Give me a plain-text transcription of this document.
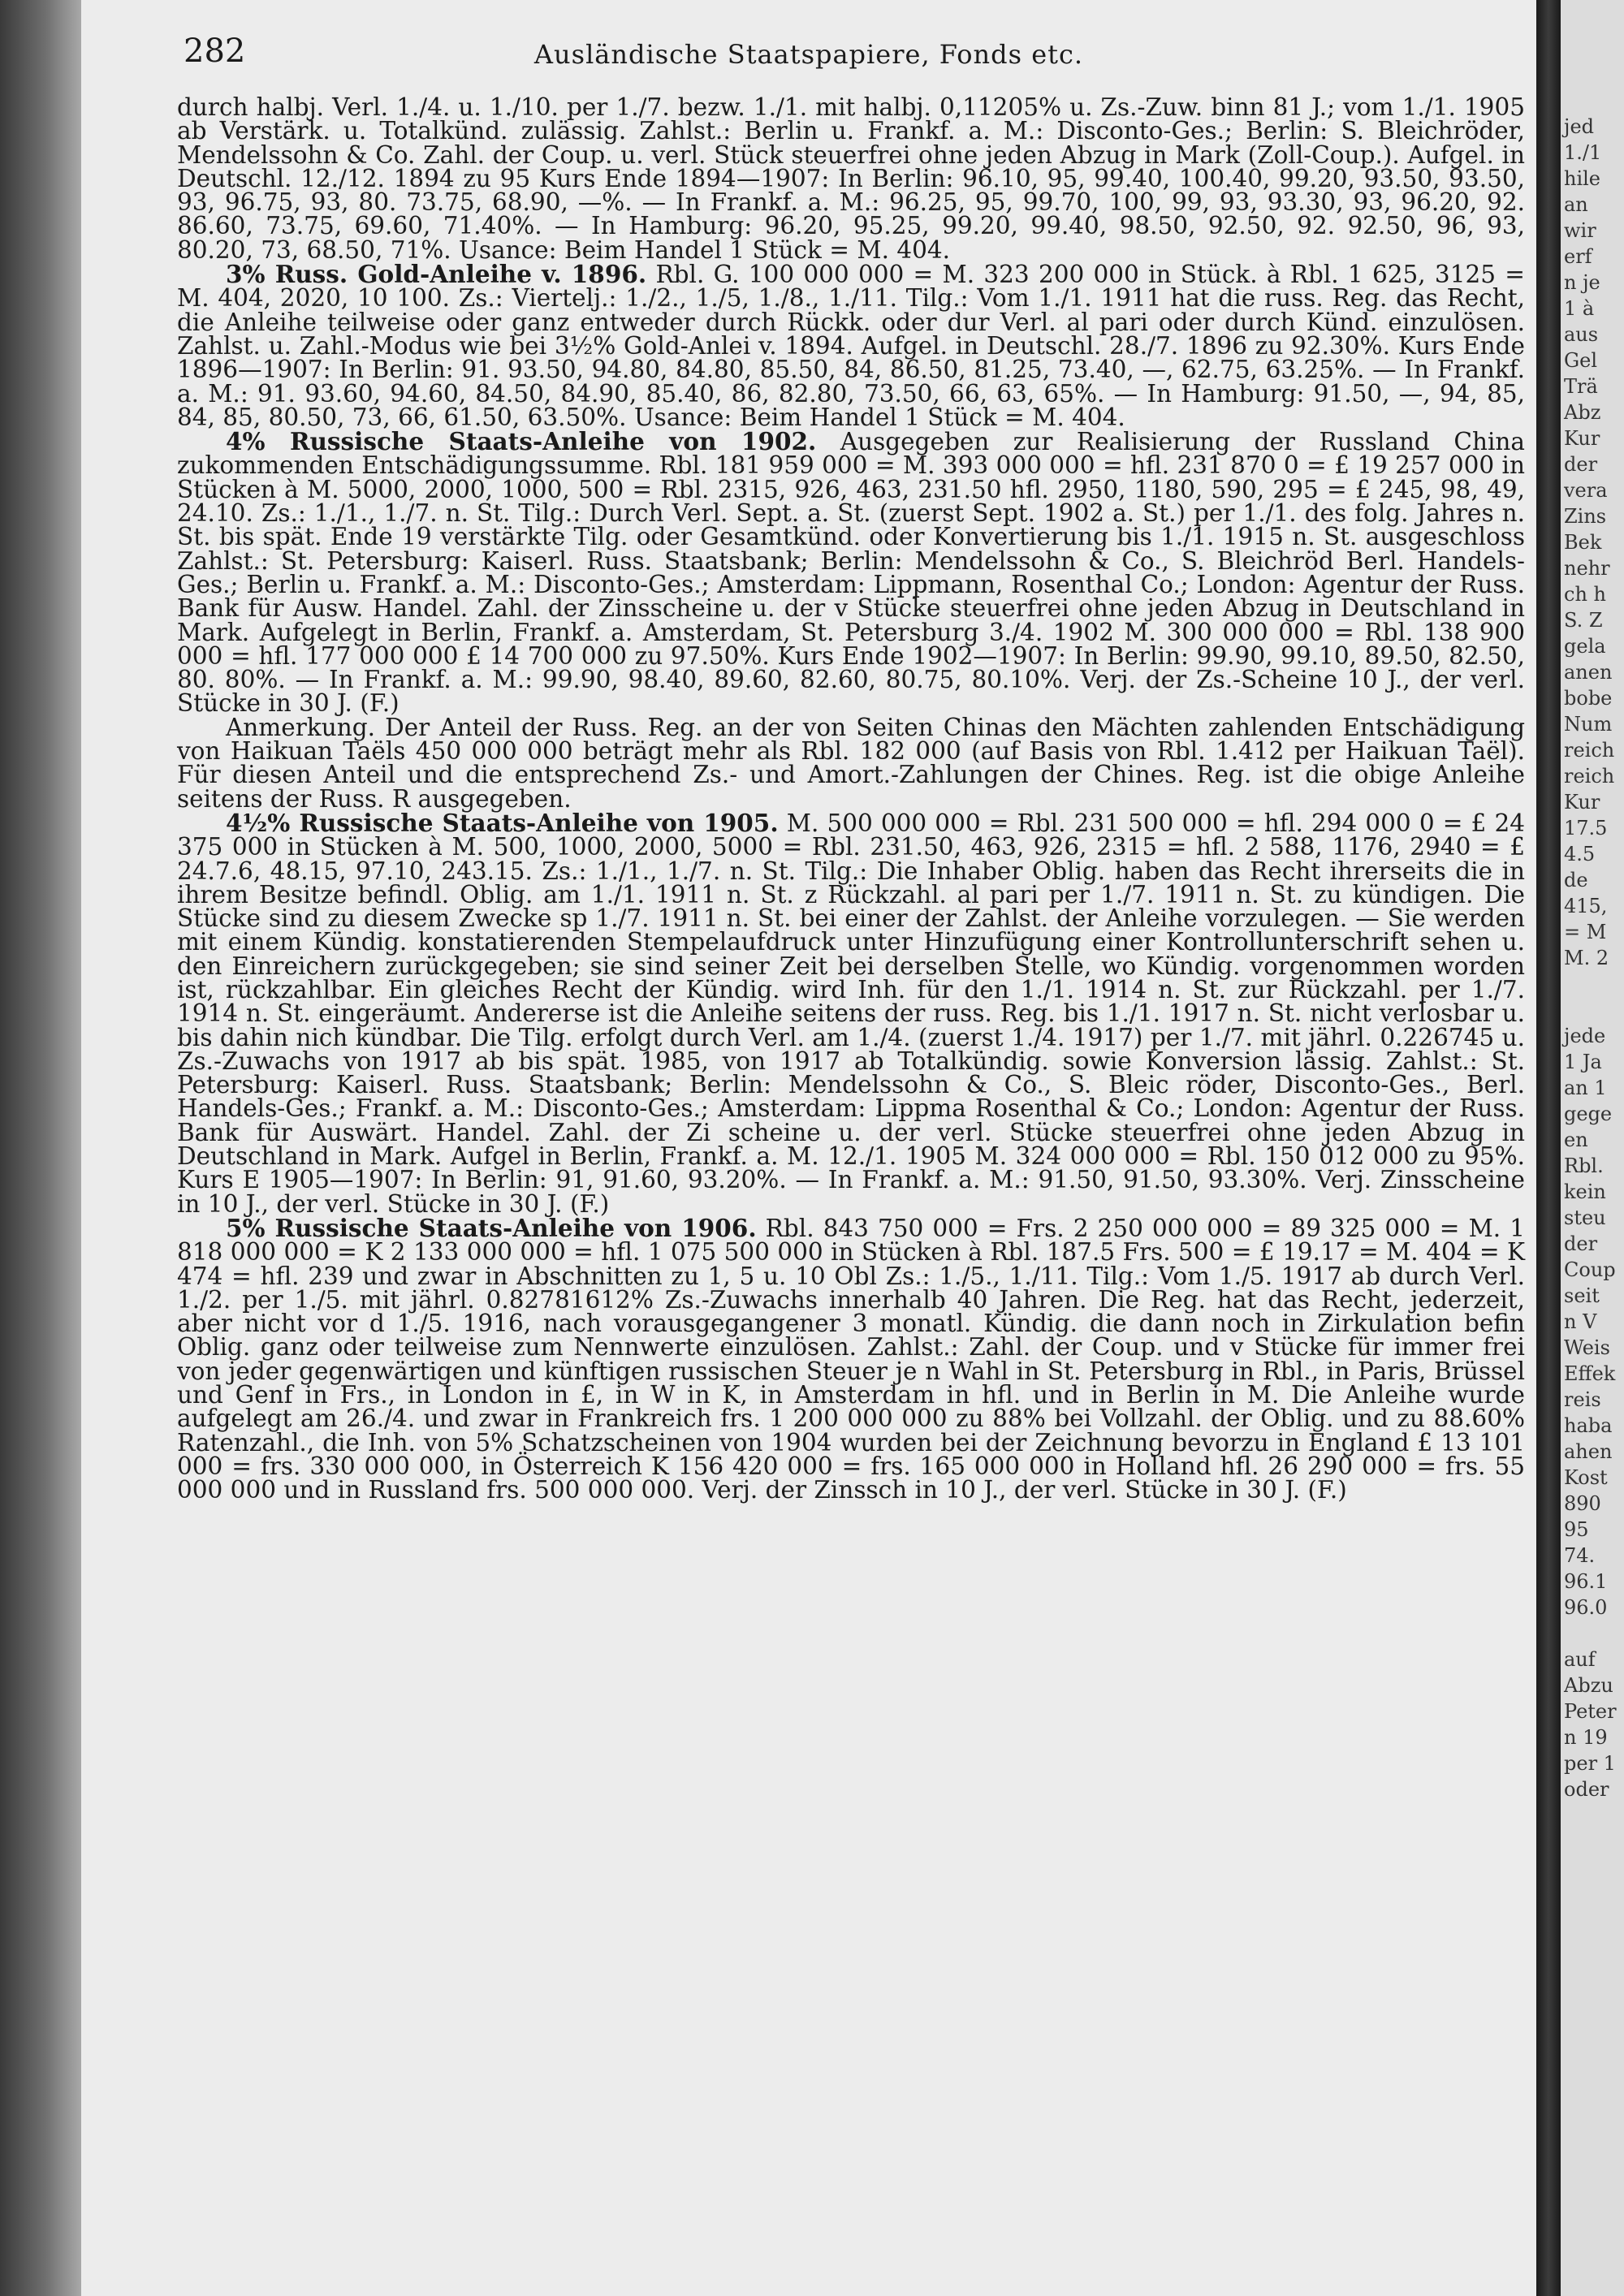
282	Ausländische Staatspapiere, Fonds etc.

durch halbj. Verl. 1./4. u. 1./10. per 1./7. bezw. 1./1. mit halbj. 0,11205% u. Zs.-Zuw. binn 81 J.; vom 1./1. 1905 ab Verstärk. u. Totalkünd. zulässig. Zahlst.: Berlin u. Frankf. a. M.: Disconto-Ges.; Berlin: S. Bleichröder, Mendelssohn & Co. Zahl. der Coup. u. verl. Stück steuerfrei ohne jeden Abzug in Mark (Zoll-Coup.). Aufgel. in Deutschl. 12./12. 1894 zu 95 Kurs Ende 1894—1907: In Berlin: 96.10, 95, 99.40, 100.40, 99.20, 93.50, 93.50, 93, 96.75, 93, 80. 73.75, 68.90, —%. — In Frankf. a. M.: 96.25, 95, 99.70, 100, 99, 93, 93.30, 93, 96.20, 92. 86.60, 73.75, 69.60, 71.40%. — In Hamburg: 96.20, 95.25, 99.20, 99.40, 98.50, 92.50, 92. 92.50, 96, 93, 80.20, 73, 68.50, 71%. Usance: Beim Handel 1 Stück = M. 404.

3% Russ. Gold-Anleihe v. 1896. Rbl. G. 100 000 000 = M. 323 200 000 in Stück. à Rbl. 1 625, 3125 = M. 404, 2020, 10 100. Zs.: Viertelj.: 1./2., 1./5, 1./8., 1./11. Tilg.: Vom 1./1. 1911 hat die russ. Reg. das Recht, die Anleihe teilweise oder ganz entweder durch Rückk. oder dur Verl. al pari oder durch Künd. einzulösen. Zahlst. u. Zahl.-Modus wie bei 3½% Gold-Anlei v. 1894. Aufgel. in Deutschl. 28./7. 1896 zu 92.30%. Kurs Ende 1896—1907: In Berlin: 91. 93.50, 94.80, 84.80, 85.50, 84, 86.50, 81.25, 73.40, —, 62.75, 63.25%. — In Frankf. a. M.: 91. 93.60, 94.60, 84.50, 84.90, 85.40, 86, 82.80, 73.50, 66, 63, 65%. — In Hamburg: 91.50, —, 94, 85, 84, 85, 80.50, 73, 66, 61.50, 63.50%. Usance: Beim Handel 1 Stück = M. 404.

4% Russische Staats-Anleihe von 1902. Ausgegeben zur Realisierung der Russland China zukommenden Entschädigungssumme. Rbl. 181 959 000 = M. 393 000 000 = hfl. 231 870 0 = £ 19 257 000 in Stücken à M. 5000, 2000, 1000, 500 = Rbl. 2315, 926, 463, 231.50 hfl. 2950, 1180, 590, 295 = £ 245, 98, 49, 24.10. Zs.: 1./1., 1./7. n. St. Tilg.: Durch Verl. Sept. a. St. (zuerst Sept. 1902 a. St.) per 1./1. des folg. Jahres n. St. bis spät. Ende 19 verstärkte Tilg. oder Gesamtkünd. oder Konvertierung bis 1./1. 1915 n. St. ausgeschloss Zahlst.: St. Petersburg: Kaiserl. Russ. Staatsbank; Berlin: Mendelssohn & Co., S. Bleichröd Berl. Handels-Ges.; Berlin u. Frankf. a. M.: Disconto-Ges.; Amsterdam: Lippmann, Rosenthal Co.; London: Agentur der Russ. Bank für Ausw. Handel. Zahl. der Zinsscheine u. der v Stücke steuerfrei ohne jeden Abzug in Deutschland in Mark. Aufgelegt in Berlin, Frankf. a. Amsterdam, St. Petersburg 3./4. 1902 M. 300 000 000 = Rbl. 138 900 000 = hfl. 177 000 000 £ 14 700 000 zu 97.50%. Kurs Ende 1902—1907: In Berlin: 99.90, 99.10, 89.50, 82.50, 80. 80%. — In Frankf. a. M.: 99.90, 98.40, 89.60, 82.60, 80.75, 80.10%. Verj. der Zs.-Scheine 10 J., der verl. Stücke in 30 J. (F.)

Anmerkung. Der Anteil der Russ. Reg. an der von Seiten Chinas den Mächten zahlenden Entschädigung von Haikuan Taëls 450 000 000 beträgt mehr als Rbl. 182 000 (auf Basis von Rbl. 1.412 per Haikuan Taël). Für diesen Anteil und die entsprechend Zs.- und Amort.-Zahlungen der Chines. Reg. ist die obige Anleihe seitens der Russ. R ausgegeben.

4½% Russische Staats-Anleihe von 1905. M. 500 000 000 = Rbl. 231 500 000 = hfl. 294 000 0 = £ 24 375 000 in Stücken à M. 500, 1000, 2000, 5000 = Rbl. 231.50, 463, 926, 2315 = hfl. 2 588, 1176, 2940 = £ 24.7.6, 48.15, 97.10, 243.15. Zs.: 1./1., 1./7. n. St. Tilg.: Die Inhaber Oblig. haben das Recht ihrerseits die in ihrem Besitze befindl. Oblig. am 1./1. 1911 n. St. z Rückzahl. al pari per 1./7. 1911 n. St. zu kündigen. Die Stücke sind zu diesem Zwecke sp 1./7. 1911 n. St. bei einer der Zahlst. der Anleihe vorzulegen. — Sie werden mit einem Kündig. konstatierenden Stempelaufdruck unter Hinzufügung einer Kontrollunterschrift sehen u. den Einreichern zurückgegeben; sie sind seiner Zeit bei derselben Stelle, wo Kündig. vorgenommen worden ist, rückzahlbar. Ein gleiches Recht der Kündig. wird Inh. für den 1./1. 1914 n. St. zur Rückzahl. per 1./7. 1914 n. St. eingeräumt. Andererse ist die Anleihe seitens der russ. Reg. bis 1./1. 1917 n. St. nicht verlosbar u. bis dahin nich kündbar. Die Tilg. erfolgt durch Verl. am 1./4. (zuerst 1./4. 1917) per 1./7. mit jährl. 0.226745 u. Zs.-Zuwachs von 1917 ab bis spät. 1985, von 1917 ab Totalkündig. sowie Konversion lässig. Zahlst.: St. Petersburg: Kaiserl. Russ. Staatsbank; Berlin: Mendelssohn & Co., S. Bleic röder, Disconto-Ges., Berl. Handels-Ges.; Frankf. a. M.: Disconto-Ges.; Amsterdam: Lippma Rosenthal & Co.; London: Agentur der Russ. Bank für Auswärt. Handel. Zahl. der Zi scheine u. der verl. Stücke steuerfrei ohne jeden Abzug in Deutschland in Mark. Aufgel in Berlin, Frankf. a. M. 12./1. 1905 M. 324 000 000 = Rbl. 150 012 000 zu 95%. Kurs E 1905—1907: In Berlin: 91, 91.60, 93.20%. — In Frankf. a. M.: 91.50, 91.50, 93.30%. Verj. Zinsscheine in 10 J., der verl. Stücke in 30 J. (F.)

5% Russische Staats-Anleihe von 1906. Rbl. 843 750 000 = Frs. 2 250 000 000 = 89 325 000 = M. 1 818 000 000 = K 2 133 000 000 = hfl. 1 075 500 000 in Stücken à Rbl. 187.5 Frs. 500 = £ 19.17 = M. 404 = K 474 = hfl. 239 und zwar in Abschnitten zu 1, 5 u. 10 Obl Zs.: 1./5., 1./11. Tilg.: Vom 1./5. 1917 ab durch Verl. 1./2. per 1./5. mit jährl. 0.82781612% Zs.-Zuwachs innerhalb 40 Jahren. Die Reg. hat das Recht, jederzeit, aber nicht vor d 1./5. 1916, nach vorausgegangener 3 monatl. Kündig. die dann noch in Zirkulation befin Oblig. ganz oder teilweise zum Nennwerte einzulösen. Zahlst.: Zahl. der Coup. und v Stücke für immer frei von jeder gegenwärtigen und künftigen russischen Steuer je n Wahl in St. Petersburg in Rbl., in Paris, Brüssel und Genf in Frs., in London in £, in W in K, in Amsterdam in hfl. und in Berlin in M. Die Anleihe wurde aufgelegt am 26./4. und zwar in Frankreich frs. 1 200 000 000 zu 88% bei Vollzahl. der Oblig. und zu 88.60% Ratenzahl., die Inh. von 5% Schatzscheinen von 1904 wurden bei der Zeichnung bevorzu in England £ 13 101 000 = frs. 330 000 000, in Österreich K 156 420 000 = frs. 165 000 000 in Holland hfl. 26 290 000 = frs. 55 000 000 und in Russland frs. 500 000 000. Verj. der Zinssch in 10 J., der verl. Stücke in 30 J. (F.)

jed
1./1
hile
an
wir
erf
n je
1 à
aus
Gel
Trä
Abz
Kur
der
vera
Zins
Bek
nehr
ch h
S. Z
gela
anen
bobe
Num
reich
reich
Kur
17.5
4.5
de
415,
= M
M. 2

jede
1 Ja
an 1
gege
en
Rbl.
kein
steu
der
Coup
seit
n V
Weis
Effek
reis
haba
ahen
Kost
890
95
74.
96.1
96.0

auf
Abzu
Peter
n 19
per 1
oder
